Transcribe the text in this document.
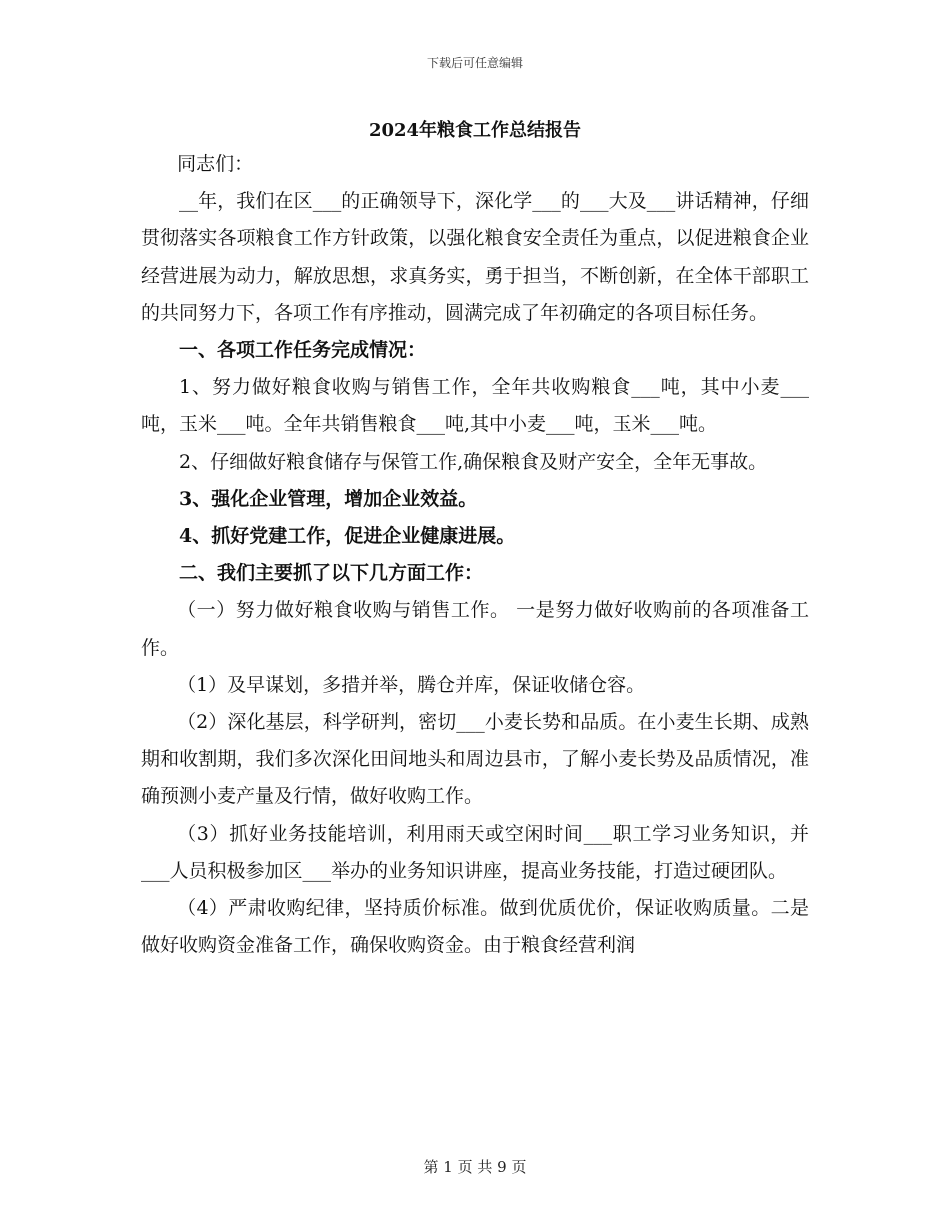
下载后可任意编辑
2024年粮食工作总结报告

同志们：

__年，我们在区___的正确领导下，深化学___的___大及___讲话精神，仔细贯彻落实各项粮食工作方针政策，以强化粮食安全责任为重点，以促进粮食企业经营进展为动力，解放思想，求真务实，勇于担当，不断创新，在全体干部职工的共同努力下，各项工作有序推动，圆满完成了年初确定的各项目标任务。

一、各项工作任务完成情况：

1、努力做好粮食收购与销售工作，全年共收购粮食___吨，其中小麦___吨，玉米___吨。全年共销售粮食___吨,其中小麦___吨，玉米___吨。

2、仔细做好粮食储存与保管工作,确保粮食及财产安全，全年无事故。

3、强化企业管理，增加企业效益。

4、抓好党建工作，促进企业健康进展。

二、我们主要抓了以下几方面工作：

（一）努力做好粮食收购与销售工作。 一是努力做好收购前的各项准备工作。

（1）及早谋划，多措并举，腾仓并库，保证收储仓容。

（2）深化基层，科学研判，密切___小麦长势和品质。在小麦生长期、成熟期和收割期，我们多次深化田间地头和周边县市，了解小麦长势及品质情况，准确预测小麦产量及行情，做好收购工作。

（3）抓好业务技能培训，利用雨天或空闲时间___职工学习业务知识，并___人员积极参加区___举办的业务知识讲座，提高业务技能，打造过硬团队。

（4）严肃收购纪律，坚持质价标准。做到优质优价，保证收购质量。二是做好收购资金准备工作，确保收购资金。由于粮食经营利润

第 1 页 共 9 页
